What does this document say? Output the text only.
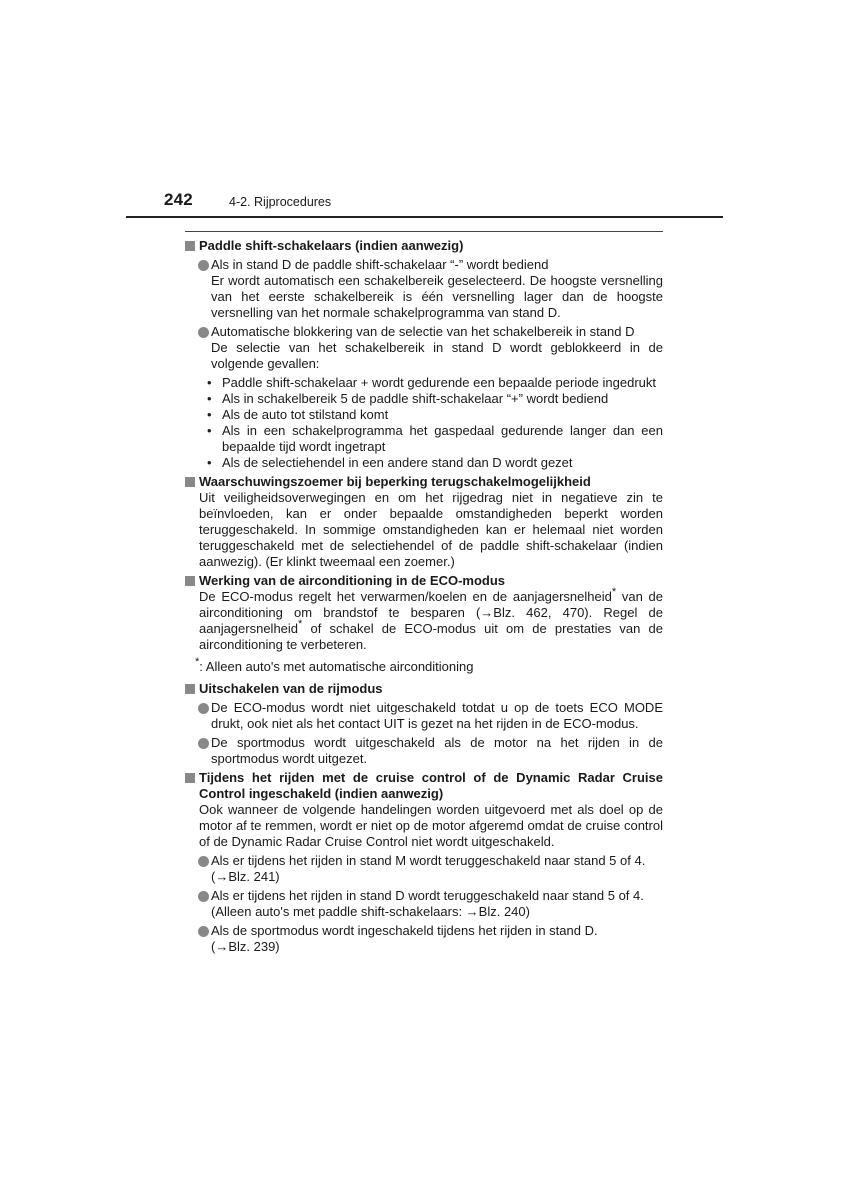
242	4-2. Rijprocedures
Paddle shift-schakelaars (indien aanwezig)
Als in stand D de paddle shift-schakelaar “-” wordt bediend
Er wordt automatisch een schakelbereik geselecteerd. De hoogste versnelling van het eerste schakelbereik is één versnelling lager dan de hoogste versnelling van het normale schakelprogramma van stand D.
Automatische blokkering van de selectie van het schakelbereik in stand D
De selectie van het schakelbereik in stand D wordt geblokkeerd in de volgende gevallen:
• Paddle shift-schakelaar + wordt gedurende een bepaalde periode ingedrukt
• Als in schakelbereik 5 de paddle shift-schakelaar “+” wordt bediend
• Als de auto tot stilstand komt
• Als in een schakelprogramma het gaspedaal gedurende langer dan een bepaalde tijd wordt ingetrapt
• Als de selectiehendel in een andere stand dan D wordt gezet
Waarschuwingszoemer bij beperking terugschakelmogelijkheid
Uit veiligheidsoverwegingen en om het rijgedrag niet in negatieve zin te beïnvloeden, kan er onder bepaalde omstandigheden beperkt worden teruggeschakeld. In sommige omstandigheden kan er helemaal niet worden teruggeschakeld met de selectiehendel of de paddle shift-schakelaar (indien aanwezig). (Er klinkt tweemaal een zoemer.)
Werking van de airconditioning in de ECO-modus
De ECO-modus regelt het verwarmen/koelen en de aanjagersnelheid* van de airconditioning om brandstof te besparen (→Blz. 462, 470). Regel de aanjagersnelheid* of schakel de ECO-modus uit om de prestaties van de airconditioning te verbeteren.
*: Alleen auto's met automatische airconditioning
Uitschakelen van de rijmodus
De ECO-modus wordt niet uitgeschakeld totdat u op de toets ECO MODE drukt, ook niet als het contact UIT is gezet na het rijden in de ECO-modus.
De sportmodus wordt uitgeschakeld als de motor na het rijden in de sportmodus wordt uitgezet.
Tijdens het rijden met de cruise control of de Dynamic Radar Cruise Control ingeschakeld (indien aanwezig)
Ook wanneer de volgende handelingen worden uitgevoerd met als doel op de motor af te remmen, wordt er niet op de motor afgeremd omdat de cruise control of de Dynamic Radar Cruise Control niet wordt uitgeschakeld.
Als er tijdens het rijden in stand M wordt teruggeschakeld naar stand 5 of 4.
(→Blz. 241)
Als er tijdens het rijden in stand D wordt teruggeschakeld naar stand 5 of 4.
(Alleen auto's met paddle shift-schakelaars: →Blz. 240)
Als de sportmodus wordt ingeschakeld tijdens het rijden in stand D.
(→Blz. 239)
